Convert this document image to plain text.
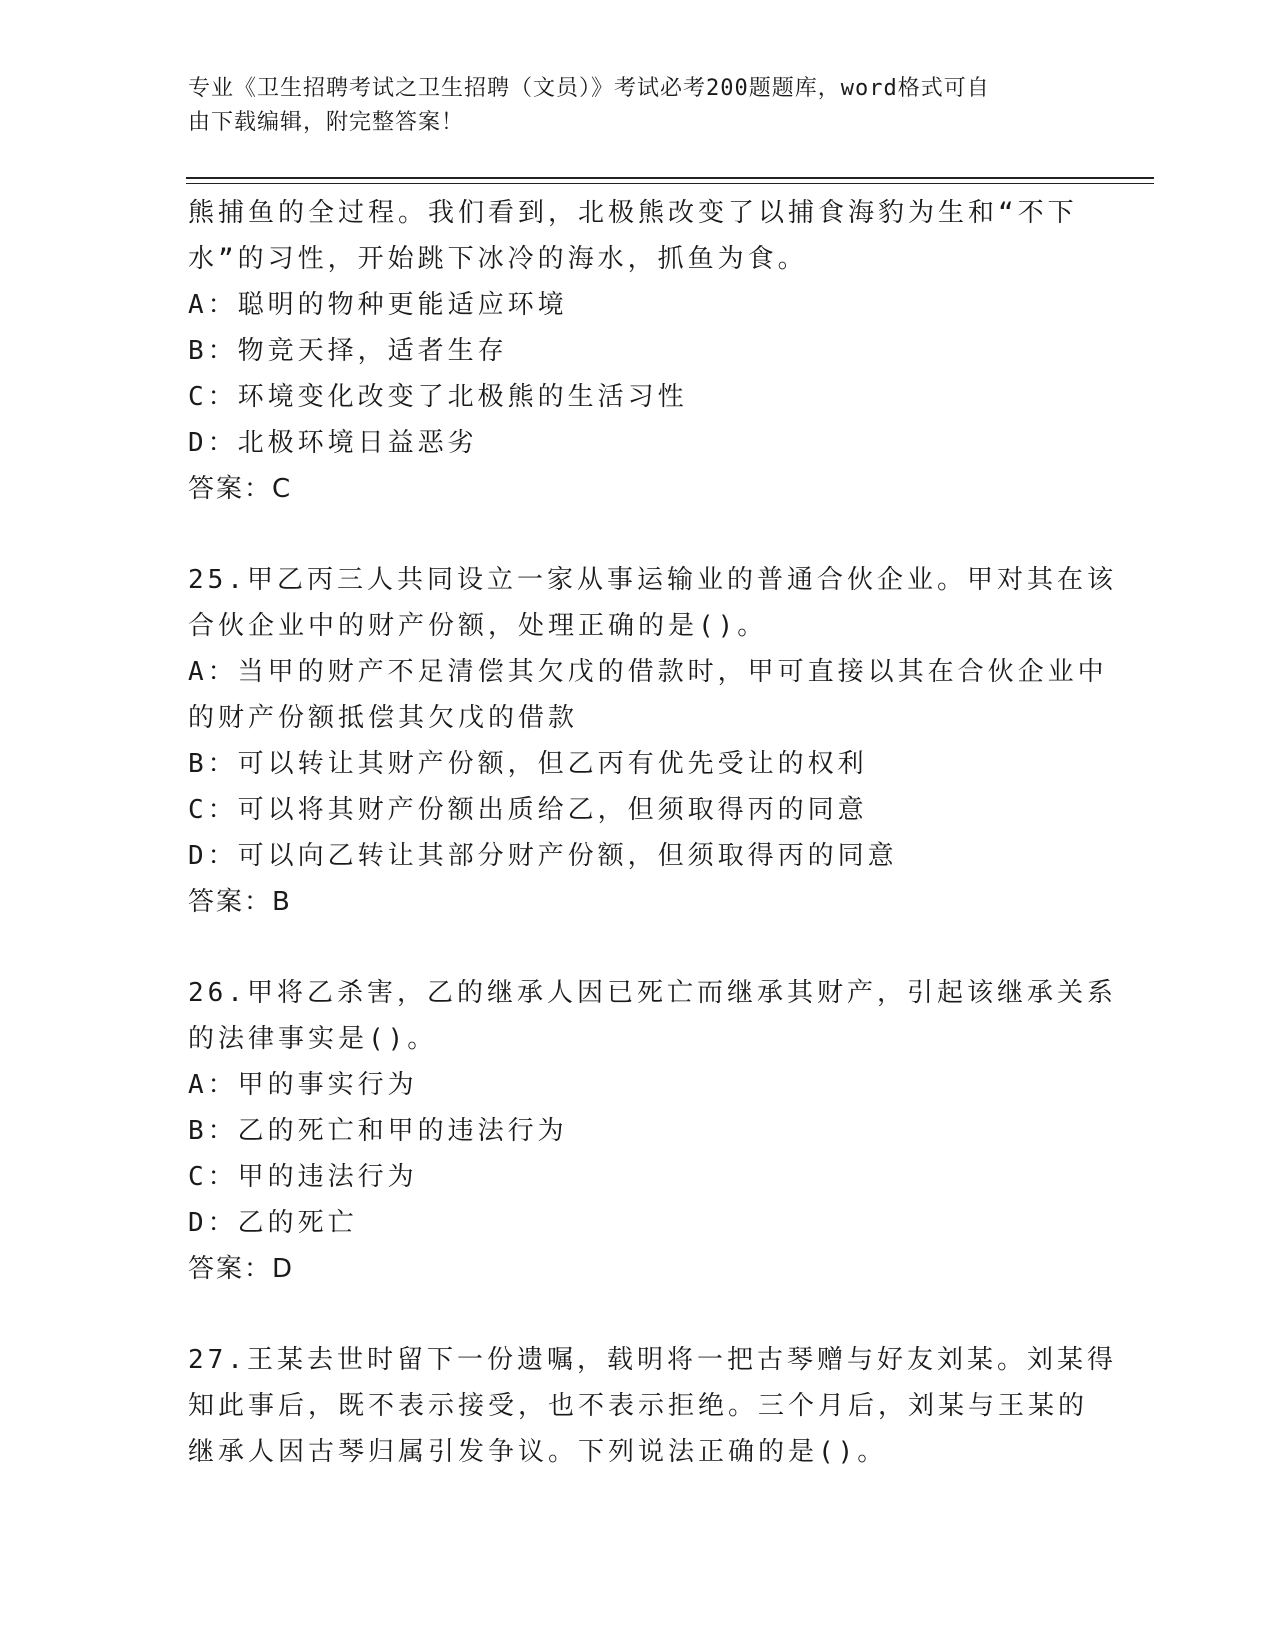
专业《卫生招聘考试之卫生招聘（文员）》考试必考200题题库，word格式可自
由下载编辑，附完整答案！
熊捕鱼的全过程。我们看到，北极熊改变了以捕食海豹为生和“不下
水”的习性，开始跳下冰冷的海水，抓鱼为食。
A：聪明的物种更能适应环境
B：物竞天择，适者生存
C：环境变化改变了北极熊的生活习性
D：北极环境日益恶劣
答案：C
25.甲乙丙三人共同设立一家从事运输业的普通合伙企业。甲对其在该
合伙企业中的财产份额，处理正确的是()。
A：当甲的财产不足清偿其欠戊的借款时，甲可直接以其在合伙企业中
的财产份额抵偿其欠戊的借款
B：可以转让其财产份额，但乙丙有优先受让的权利
C：可以将其财产份额出质给乙，但须取得丙的同意
D：可以向乙转让其部分财产份额，但须取得丙的同意
答案：B
26.甲将乙杀害，乙的继承人因已死亡而继承其财产，引起该继承关系
的法律事实是()。
A：甲的事实行为
B：乙的死亡和甲的违法行为
C：甲的违法行为
D：乙的死亡
答案：D
27.王某去世时留下一份遗嘱，载明将一把古琴赠与好友刘某。刘某得
知此事后，既不表示接受，也不表示拒绝。三个月后，刘某与王某的
继承人因古琴归属引发争议。下列说法正确的是()。
